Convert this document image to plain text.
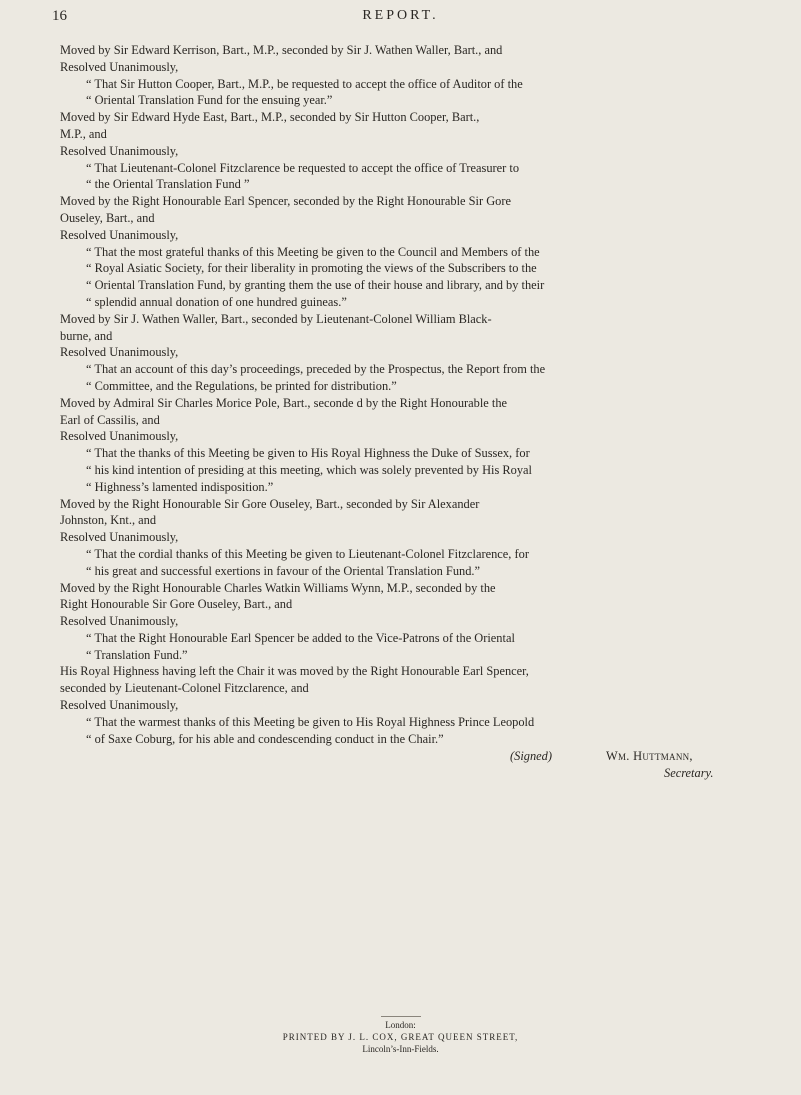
16	REPORT.

Moved by Sir Edward Kerrison, Bart., M.P., seconded by Sir J. Wathen Waller, Bart., and

Resolved Unanimously,

“ That Sir Hutton Cooper, Bart., M.P., be requested to accept the office of Auditor of the

“ Oriental Translation Fund for the ensuing year.”

Moved by Sir Edward Hyde East, Bart., M.P., seconded by Sir Hutton Cooper, Bart.,

M.P., and

Resolved Unanimously,

“ That Lieutenant-Colonel Fitzclarence be requested to accept the office of Treasurer to

“ the Oriental Translation Fund ”

Moved by the Right Honourable Earl Spencer, seconded by the Right Honourable Sir Gore

Ouseley, Bart., and

Resolved Unanimously,

“ That the most grateful thanks of this Meeting be given to the Council and Members of the

“ Royal Asiatic Society, for their liberality in promoting the views of the Subscribers to the

“ Oriental Translation Fund, by granting them the use of their house and library, and by their

“ splendid annual donation of one hundred guineas.”

Moved by Sir J. Wathen Waller, Bart., seconded by Lieutenant-Colonel William Black-

burne, and

Resolved Unanimously,

“ That an account of this day’s proceedings, preceded by the Prospectus, the Report from the

“ Committee, and the Regulations, be printed for distribution.”

Moved by Admiral Sir Charles Morice Pole, Bart., seconde d by the Right Honourable the

Earl of Cassilis, and

Resolved Unanimously,

“ That the thanks of this Meeting be given to His Royal Highness the Duke of Sussex, for

“ his kind intention of presiding at this meeting, which was solely prevented by His Royal

“ Highness’s lamented indisposition.”

Moved by the Right Honourable Sir Gore Ouseley, Bart., seconded by Sir Alexander

Johnston, Knt., and

Resolved Unanimously,

“ That the cordial thanks of this Meeting be given to Lieutenant-Colonel Fitzclarence, for

“ his great and successful exertions in favour of the Oriental Translation Fund.”

Moved by the Right Honourable Charles Watkin Williams Wynn, M.P., seconded by the

Right Honourable Sir Gore Ouseley, Bart., and

Resolved Unanimously,

“ That the Right Honourable Earl Spencer be added to the Vice-Patrons of the Oriental

“ Translation Fund.”

His Royal Highness having left the Chair it was moved by the Right Honourable Earl Spencer,

seconded by Lieutenant-Colonel Fitzclarence, and

Resolved Unanimously,

“ That the warmest thanks of this Meeting be given to His Royal Highness Prince Leopold

“ of Saxe Coburg, for his able and condescending conduct in the Chair.”

(Signed)	Wm. Huttmann,

Secretary.

London:
PRINTED BY J. L. COX, GREAT QUEEN STREET,
Lincoln’s-Inn-Fields.
